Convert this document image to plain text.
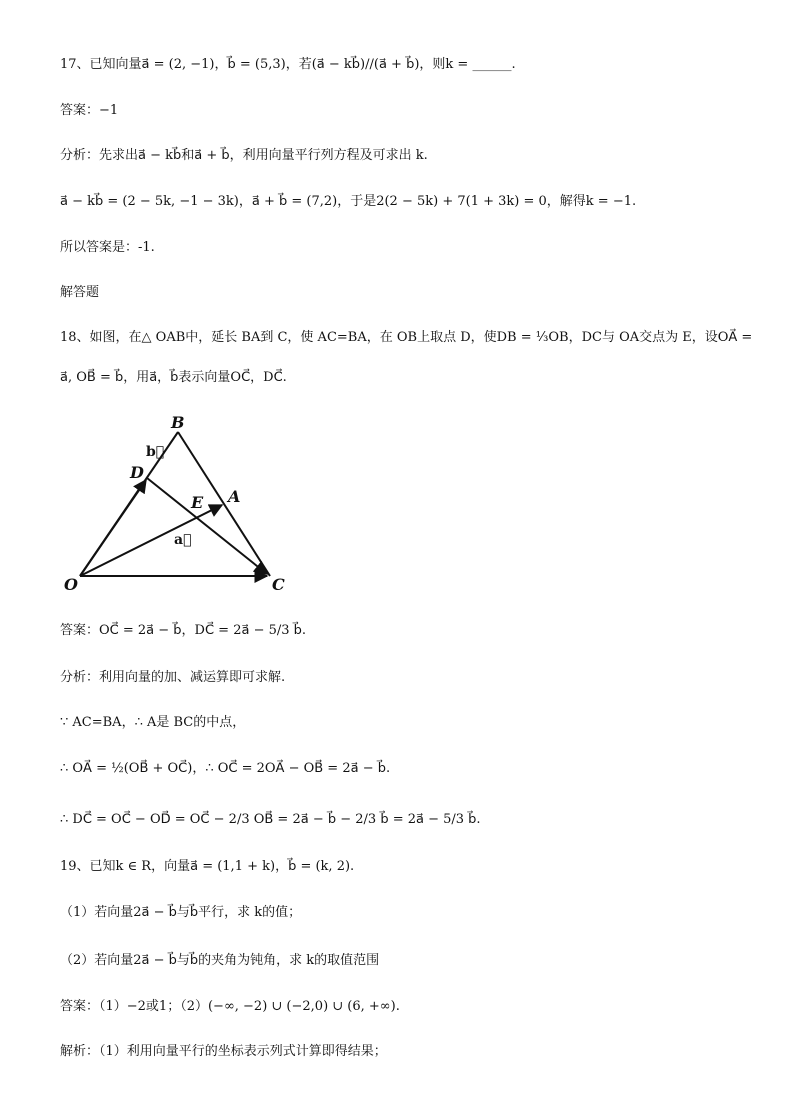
17、已知向量a⃗ = (2, −1)，b⃗ = (5,3)，若(a⃗ − kb⃗)//(a⃗ + b⃗)，则k = ______.
答案：−1
分析：先求出a⃗ − kb⃗和a⃗ + b⃗，利用向量平行列方程及可求出 k.
a⃗ − kb⃗ = (2 − 5k, −1 − 3k)，a⃗ + b⃗ = (7,2)，于是2(2 − 5k) + 7(1 + 3k) = 0，解得k = −1.
所以答案是：-1.
解答题
18、如图，在△ OAB中，延长 BA到 C，使 AC=BA，在 OB上取点 D，使DB = ⅓OB，DC与 OA交点为 E，设OA⃗ =
a⃗, OB⃗ = b⃗，用a⃗，b⃗表示向量OC⃗，DC⃗.
B
D
A
E
O	C
b⃗
a⃗
答案：OC⃗ = 2a⃗ − b⃗，DC⃗ = 2a⃗ − 5/3 b⃗.
分析：利用向量的加、减运算即可求解.
∵ AC=BA，∴ A是 BC的中点，
∴ OA⃗ = ½(OB⃗ + OC⃗)，∴ OC⃗ = 2OA⃗ − OB⃗ = 2a⃗ − b⃗.
∴ DC⃗ = OC⃗ − OD⃗ = OC⃗ − 2/3 OB⃗ = 2a⃗ − b⃗ − 2/3 b⃗ = 2a⃗ − 5/3 b⃗.
19、已知k ∈ R，向量a⃗ = (1,1 + k)，b⃗ = (k, 2).
（1）若向量2a⃗ − b⃗与b⃗平行，求 k的值；
（2）若向量2a⃗ − b⃗与b⃗的夹角为钝角，求 k的取值范围
答案：（1）−2或1；（2）(−∞, −2) ∪ (−2,0) ∪ (6, +∞).
解析：（1）利用向量平行的坐标表示列式计算即得结果；
